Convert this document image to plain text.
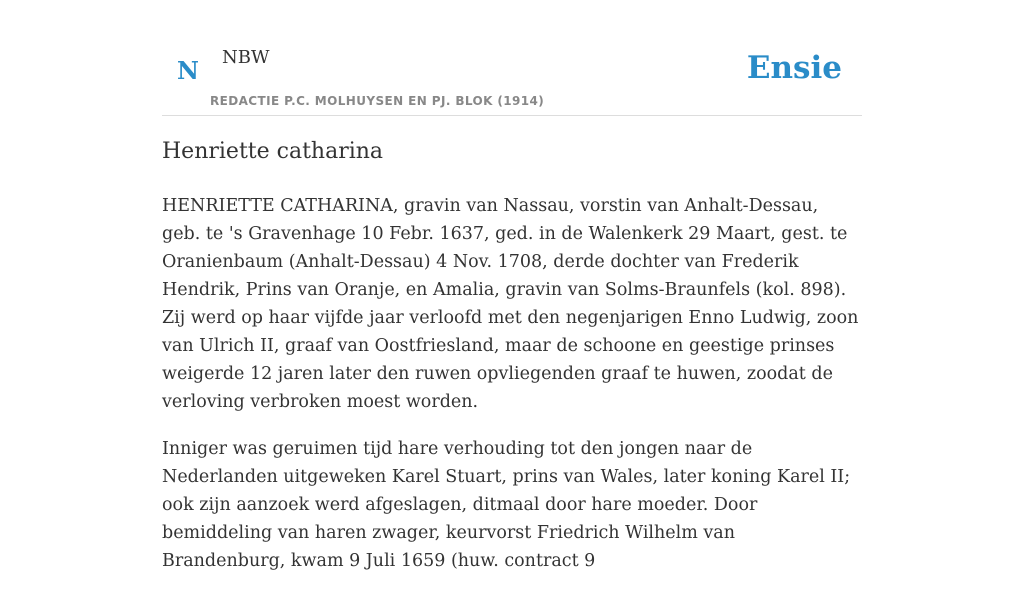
N NBW
REDACTIE P.C. MOLHUYSEN EN PJ. BLOK (1914)
Ensie
Henriette catharina

HENRIETTE CATHARINA, gravin van Nassau, vorstin van Anhalt-Dessau, geb. te 's Gravenhage 10 Febr. 1637, ged. in de Walenkerk 29 Maart, gest. te Oranienbaum (Anhalt-Dessau) 4 Nov. 1708, derde dochter van Frederik Hendrik, Prins van Oranje, en Amalia, gravin van Solms-Braunfels (kol. 898). Zij werd op haar vijfde jaar verloofd met den negenjarigen Enno Ludwig, zoon van Ulrich II, graaf van Oostfriesland, maar de schoone en geestige prinses weigerde 12 jaren later den ruwen opvliegenden graaf te huwen, zoodat de verloving verbroken moest worden.

Inniger was geruimen tijd hare verhouding tot den jongen naar de Nederlanden uitgeweken Karel Stuart, prins van Wales, later koning Karel II; ook zijn aanzoek werd afgeslagen, ditmaal door hare moeder. Door bemiddeling van haren zwager, keurvorst Friedrich Wilhelm van Brandenburg, kwam 9 Juli 1659 (huw. contract 9
